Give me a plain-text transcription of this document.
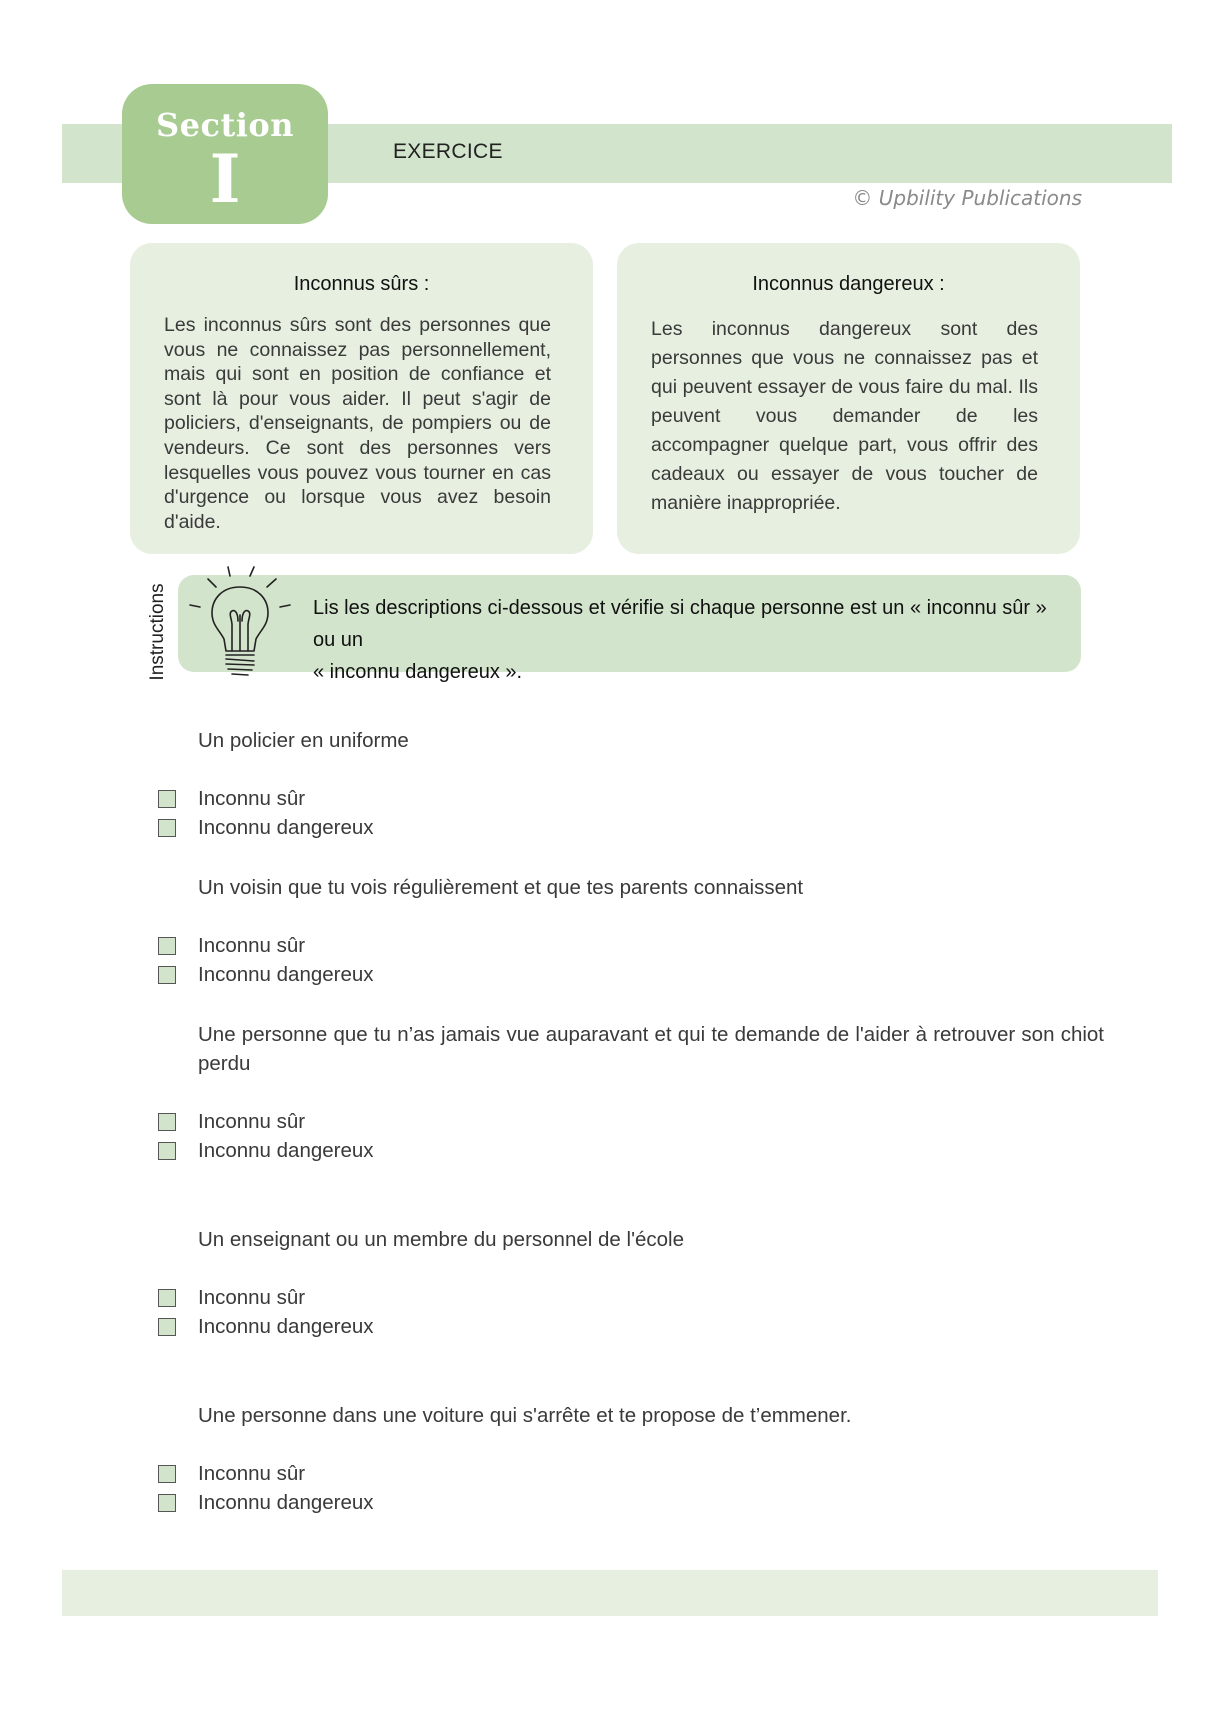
Section
I	EXERCICE
© Upbility Publications
Inconnus sûrs :
Les inconnus sûrs sont des personnes que vous ne connaissez pas personnellement, mais qui sont en position de confiance et sont là pour vous aider. Il peut s'agir de policiers, d'enseignants, de pompiers ou de vendeurs. Ce sont des personnes vers lesquelles vous pouvez vous tourner en cas d'urgence ou lorsque vous avez besoin d'aide.
Inconnus dangereux :
Les inconnus dangereux sont des personnes que vous ne connaissez pas et qui peuvent essayer de vous faire du mal. Ils peuvent vous demander de les accompagner quelque part, vous offrir des cadeaux ou essayer de vous toucher de manière inappropriée.
Instructions	Lis les descriptions ci-dessous et vérifie si chaque personne est un « inconnu sûr » ou un
« inconnu dangereux ».
Un policier en uniforme
Inconnu sûr
Inconnu dangereux
Un voisin que tu vois régulièrement et que tes parents connaissent
Inconnu sûr
Inconnu dangereux
Une personne que tu n’as jamais vue auparavant et qui te demande de l'aider à retrouver son chiot perdu
Inconnu sûr
Inconnu dangereux
Un enseignant ou un membre du personnel de l'école
Inconnu sûr
Inconnu dangereux
Une personne dans une voiture qui s'arrête et te propose de t’emmener.
Inconnu sûr
Inconnu dangereux
